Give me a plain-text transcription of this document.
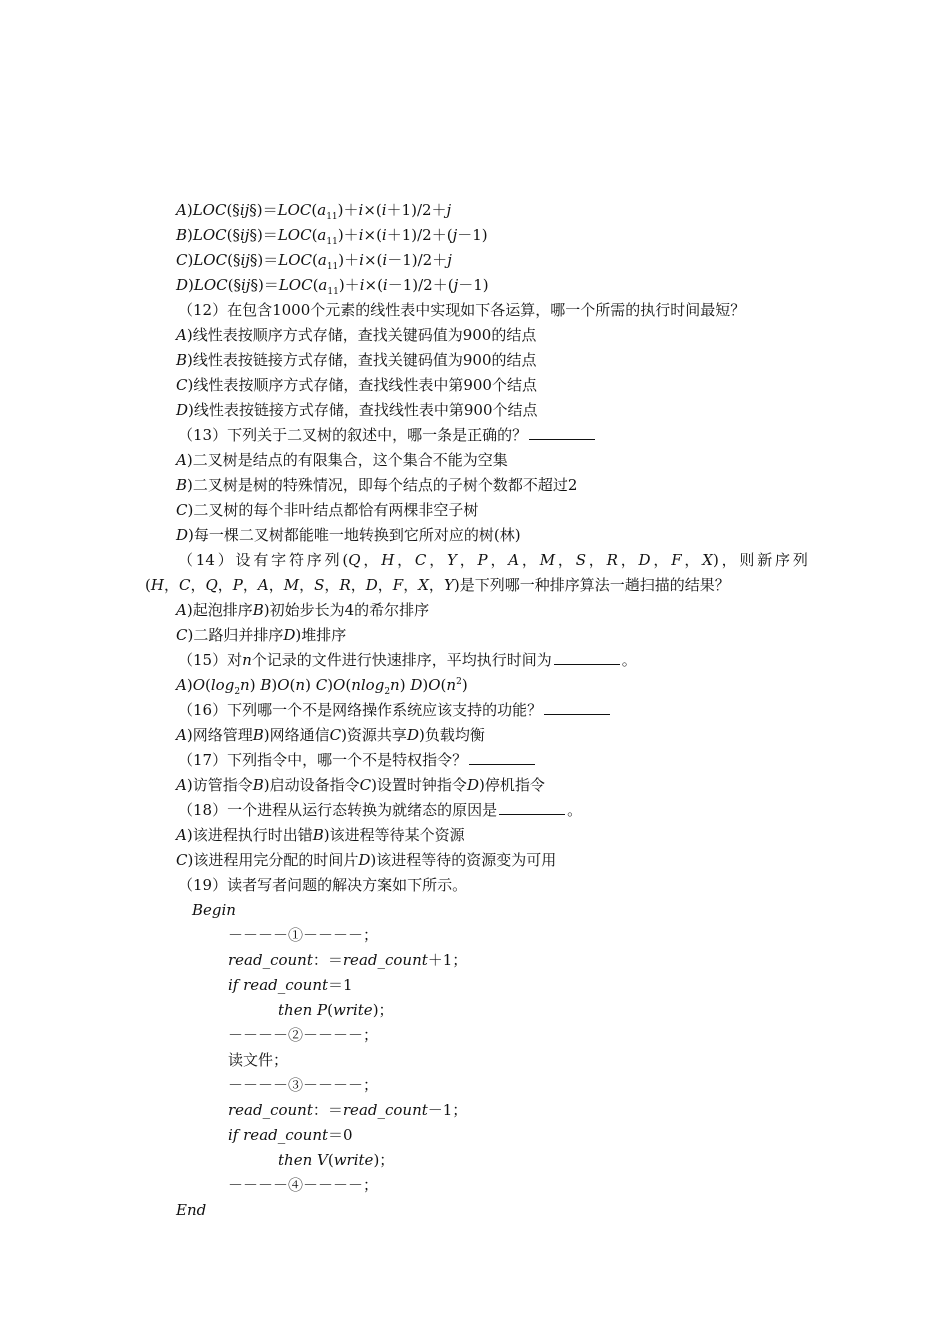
$A)LOC(\S ij\S)=LOC(a_{11})+i\times(i+1)/2+j$
$B)LOC(\S ij\S)=LOC(a_{11})+i\times(i+1)/2+(j-1)$
$C)LOC(\S ij\S)=LOC(a_{11})+i\times(i-1)/2+j$
$D)LOC(\S ij\S)=LOC(a_{11})+i\times(i-1)/2+(j-1)$
（12）在包含1000个元素的线性表中实现如下各运算，哪一个所需的执行时间最短？
A)线性表按顺序方式存储，查找关键码值为900的结点
B)线性表按链接方式存储，查找关键码值为900的结点
C)线性表按顺序方式存储，查找线性表中第900个结点
D)线性表按链接方式存储，查找线性表中第900个结点
（13）下列关于二叉树的叙述中，哪一条是正确的？
A)二叉树是结点的有限集合，这个集合不能为空集
B)二叉树是树的特殊情况，即每个结点的子树个数都不超过2
C)二叉树的每个非叶结点都恰有两棵非空子树
D)每一棵二叉树都能唯一地转换到它所对应的树(林)
（14）设有字符序列(Q，H，C，Y，P，A，M，S，R，D，F，X)，则新序列
(H，C，Q，P，A，M，S，R，D，F，X，Y)是下列哪一种排序算法一趟扫描的结果？
A)起泡排序B)初始步长为4的希尔排序
C)二路归并排序D)堆排序
（15）对n个记录的文件进行快速排序，平均执行时间为	。
$A)O(\log_2n)$ B)O(n) C)O(nlog$_2$n) $D)O(n^2)$
（16）下列哪一个不是网络操作系统应该支持的功能？
A)网络管理B)网络通信C)资源共享D)负载均衡
（17）下列指令中，哪一个不是特权指令？
A)访管指令B)启动设备指令C)设置时钟指令D)停机指令
（18）一个进程从运行态转换为就绪态的原因是	。
A)该进程执行时出错B)该进程等待某个资源
C)该进程用完分配的时间片D)该进程等待的资源变为可用
（19）读者写者问题的解决方案如下所示。
Begin
－－－－①－－－－；
read_count：＝read_count＋1；
if read_count＝1
then P(write)；
－－－－②－－－－；
读文件；
－－－－③－－－－；
read_count：＝read_count－1；
if read_count＝0
then V(write)；
－－－－④－－－－；
End
